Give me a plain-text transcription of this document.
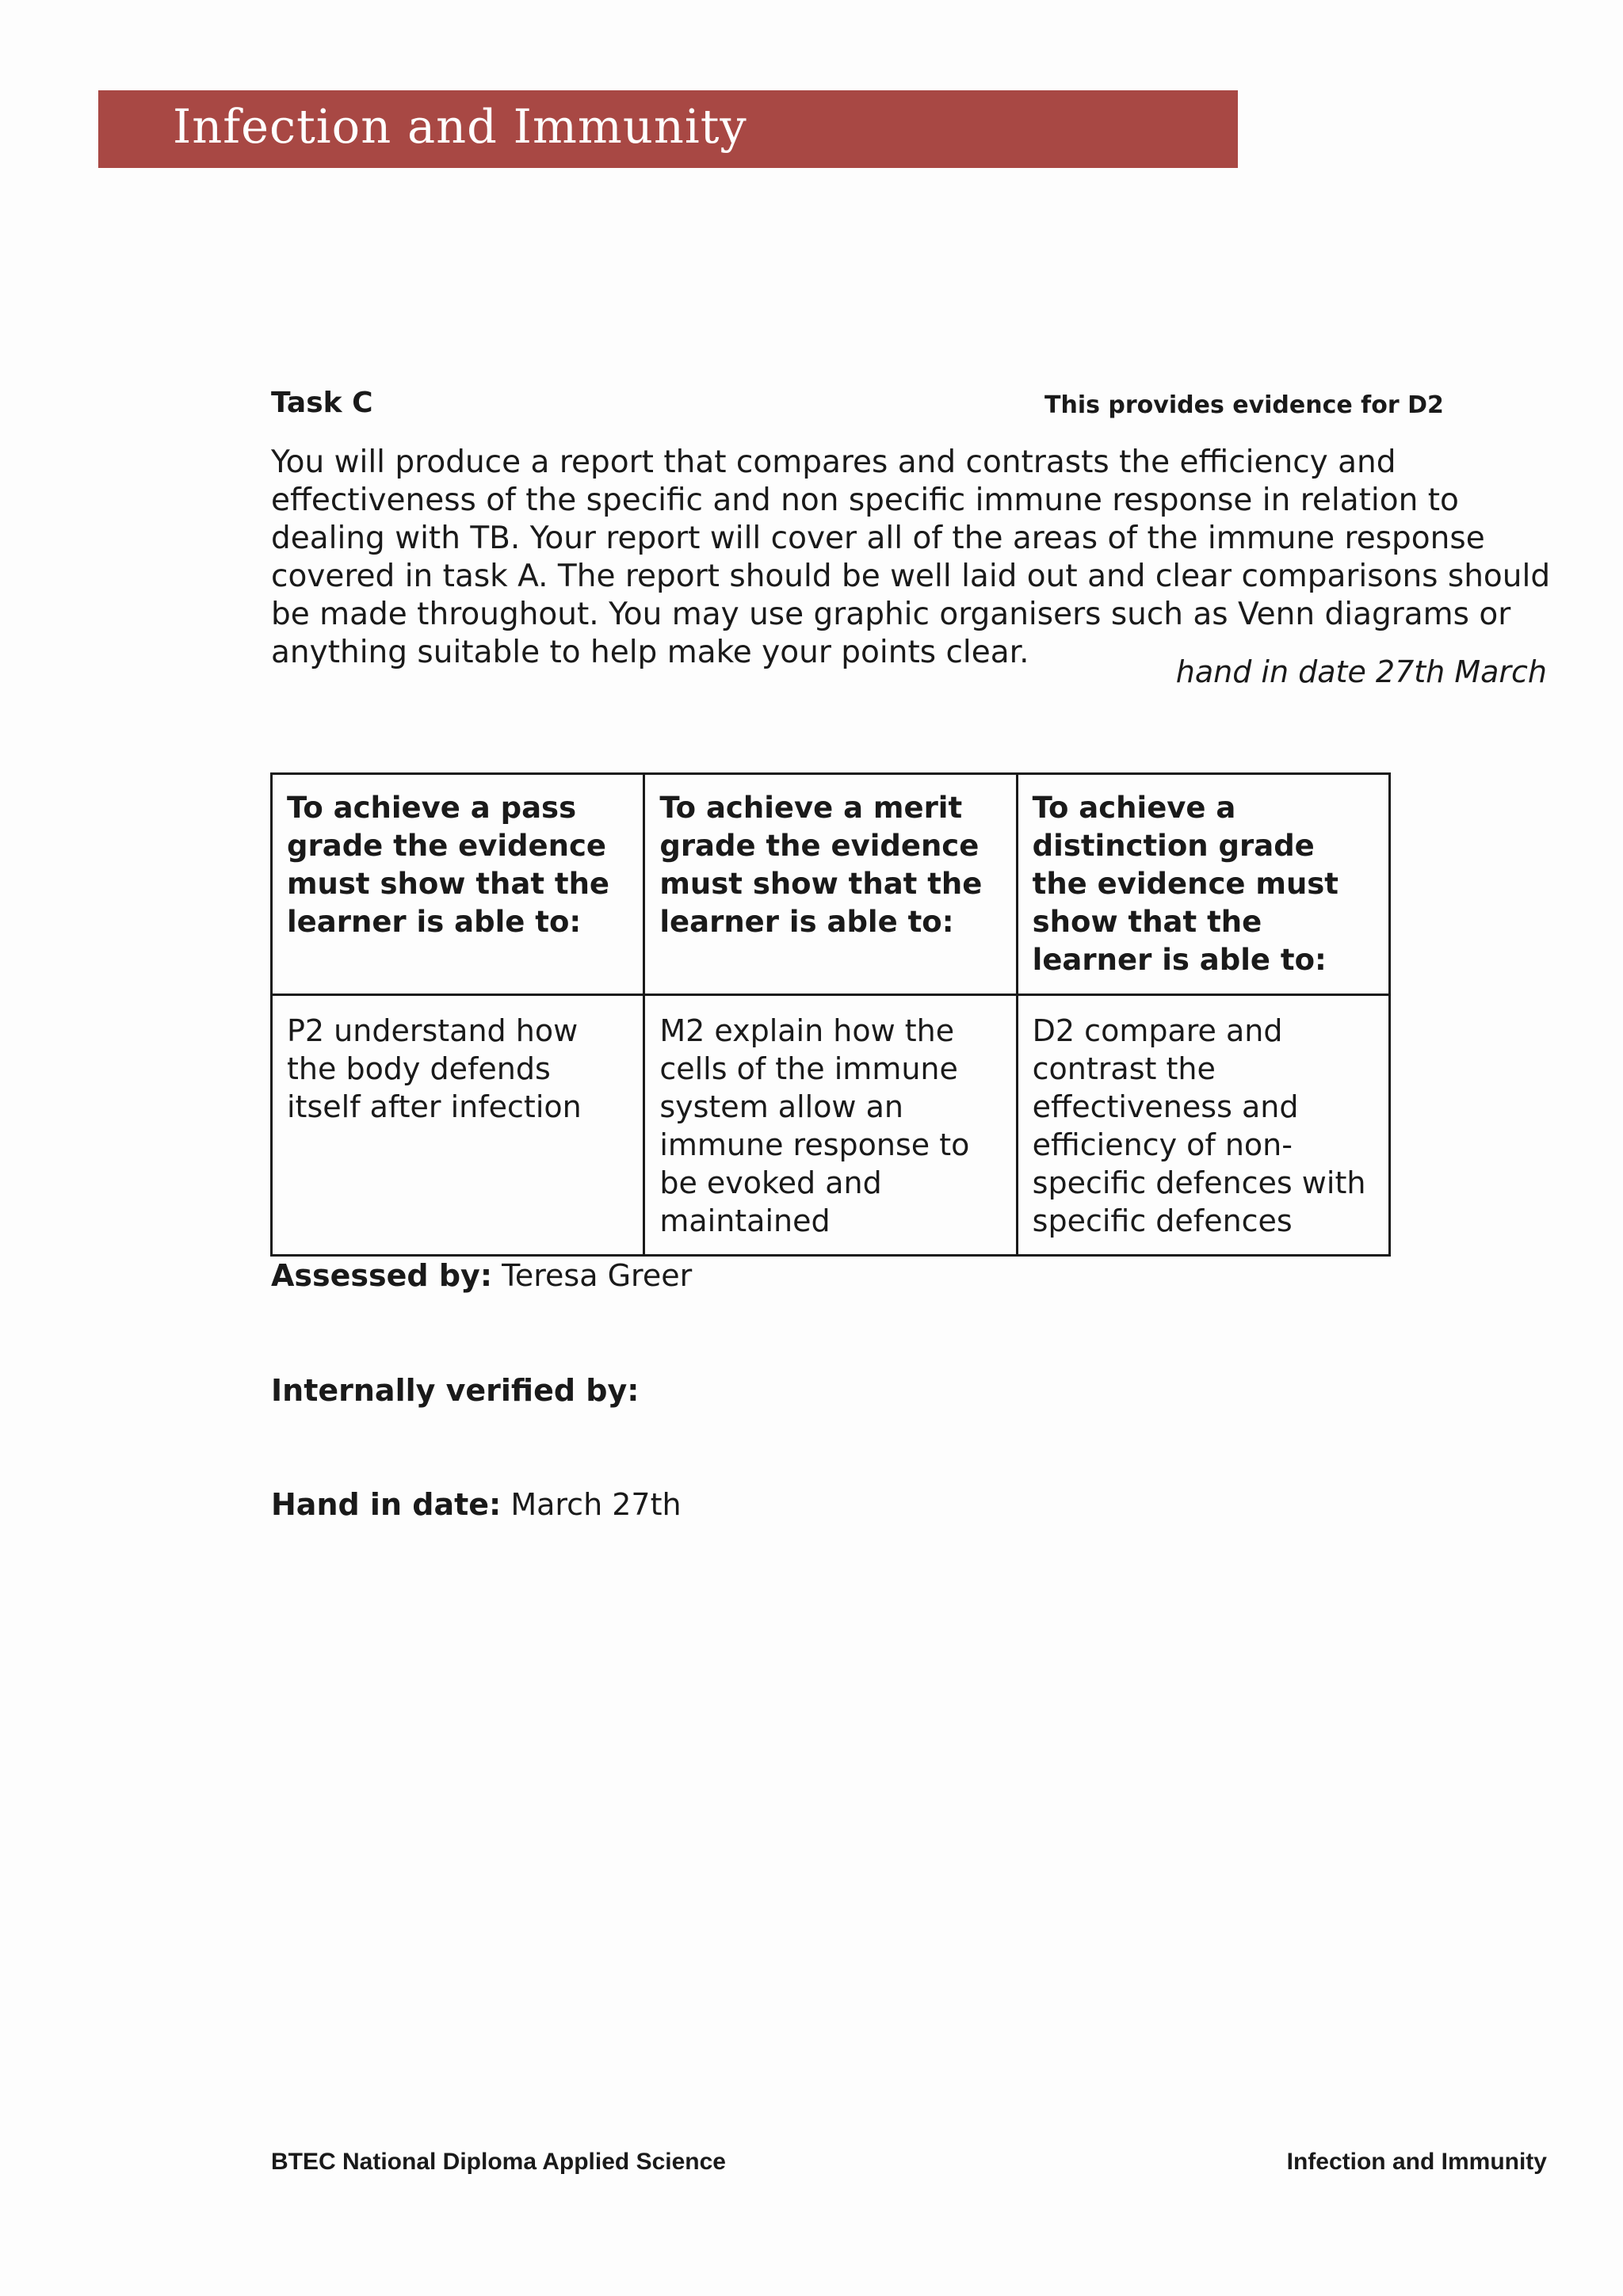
Infection and Immunity
Task C	This provides evidence for D2

You will produce a report that compares and contrasts the efficiency and effectiveness of the specific and non specific immune response in relation to dealing with TB. Your report will cover all of the areas of the immune response covered in task A. The report should be well laid out and clear comparisons should be made throughout. You may use graphic organisers such as Venn diagrams or anything suitable to help make your points clear.

hand in date 27th March
To achieve a pass grade the evidence must show that the learner is able to:	To achieve a merit grade the evidence must show that the learner is able to:	To achieve a distinction grade the evidence must show that the learner is able to:
P2 understand how the body defends itself after infection	M2 explain how the cells of the immune system allow an immune response to be evoked and maintained	D2 compare and contrast the effectiveness and efficiency of non-specific defences with specific defences
Assessed by: Teresa Greer
Internally verified by:
Hand in date: March 27th
BTEC National Diploma Applied Science	Infection and Immunity
